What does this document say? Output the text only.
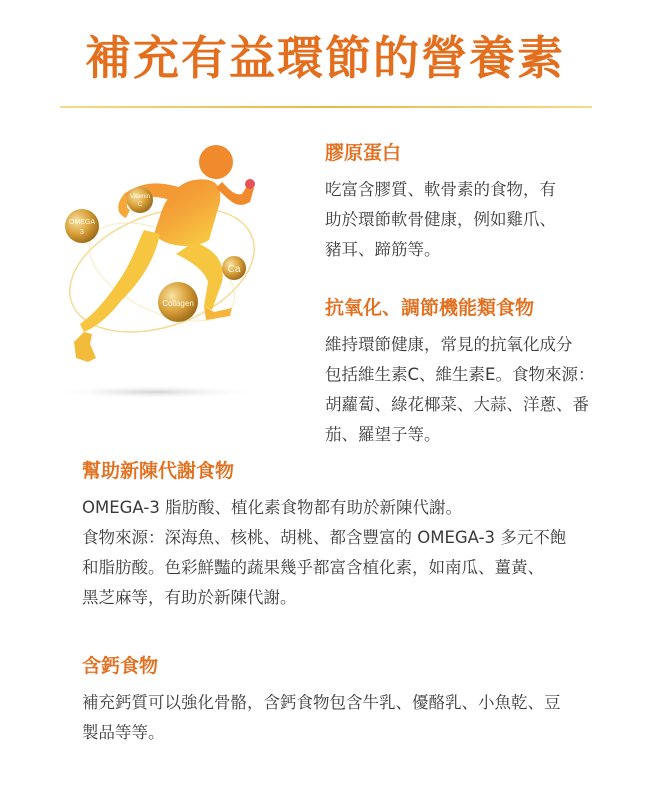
補充有益環節的營養素
Vitamin
C
OMEGA
3
Ca
Collagen
膠原蛋白

吃富含膠質、軟骨素的食物，有
助於環節軟骨健康，例如雞爪、
豬耳、蹄筋等。

抗氧化、調節機能類食物

維持環節健康，常見的抗氧化成分
包括維生素C、維生素E。食物來源：
胡蘿蔔、綠花椰菜、大蒜、洋蔥、番
茄、羅望子等。

幫助新陳代謝食物

OMEGA-3 脂肪酸、植化素食物都有助於新陳代謝。
食物來源：深海魚、核桃、胡桃、都含豐富的 OMEGA-3 多元不飽
和脂肪酸。色彩鮮豔的蔬果幾乎都富含植化素，如南瓜、薑黃、
黑芝麻等，有助於新陳代謝。

含鈣食物

補充鈣質可以強化骨骼，含鈣食物包含牛乳、優酪乳、小魚乾、豆
製品等等。
